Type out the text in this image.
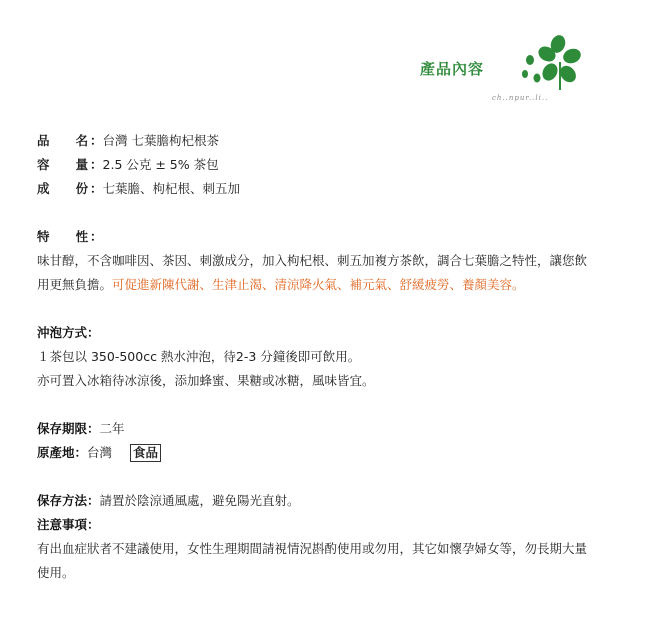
產品內容
ch..npur..li..
品 名 ：台灣 七葉膽枸杞根茶
容 量 ：2.5 公克 ± 5% 茶包
成 份 ：七葉膽、枸杞根、刺五加
特 性 ：
味甘醇，不含咖啡因、茶因、刺激成分，加入枸杞根、刺五加複方茶飲，調合七葉膽之特性，讓您飲用更無負擔。可促進新陳代謝、生津止渴、清涼降火氣、補元氣、舒緩疲勞、養顏美容。
沖泡方式：
１茶包以 350-500cc 熱水沖泡，待2-3 分鐘後即可飲用。
亦可置入冰箱待冰涼後，添加蜂蜜、果糖或冰糖，風味皆宜。
保存期限：二年
原產地：台灣 食品
保存方法：請置於陰涼通風處，避免陽光直射。
注意事項：
有出血症狀者不建議使用，女性生理期間請視情況斟酌使用或勿用，其它如懷孕婦女等，勿長期大量使用。
